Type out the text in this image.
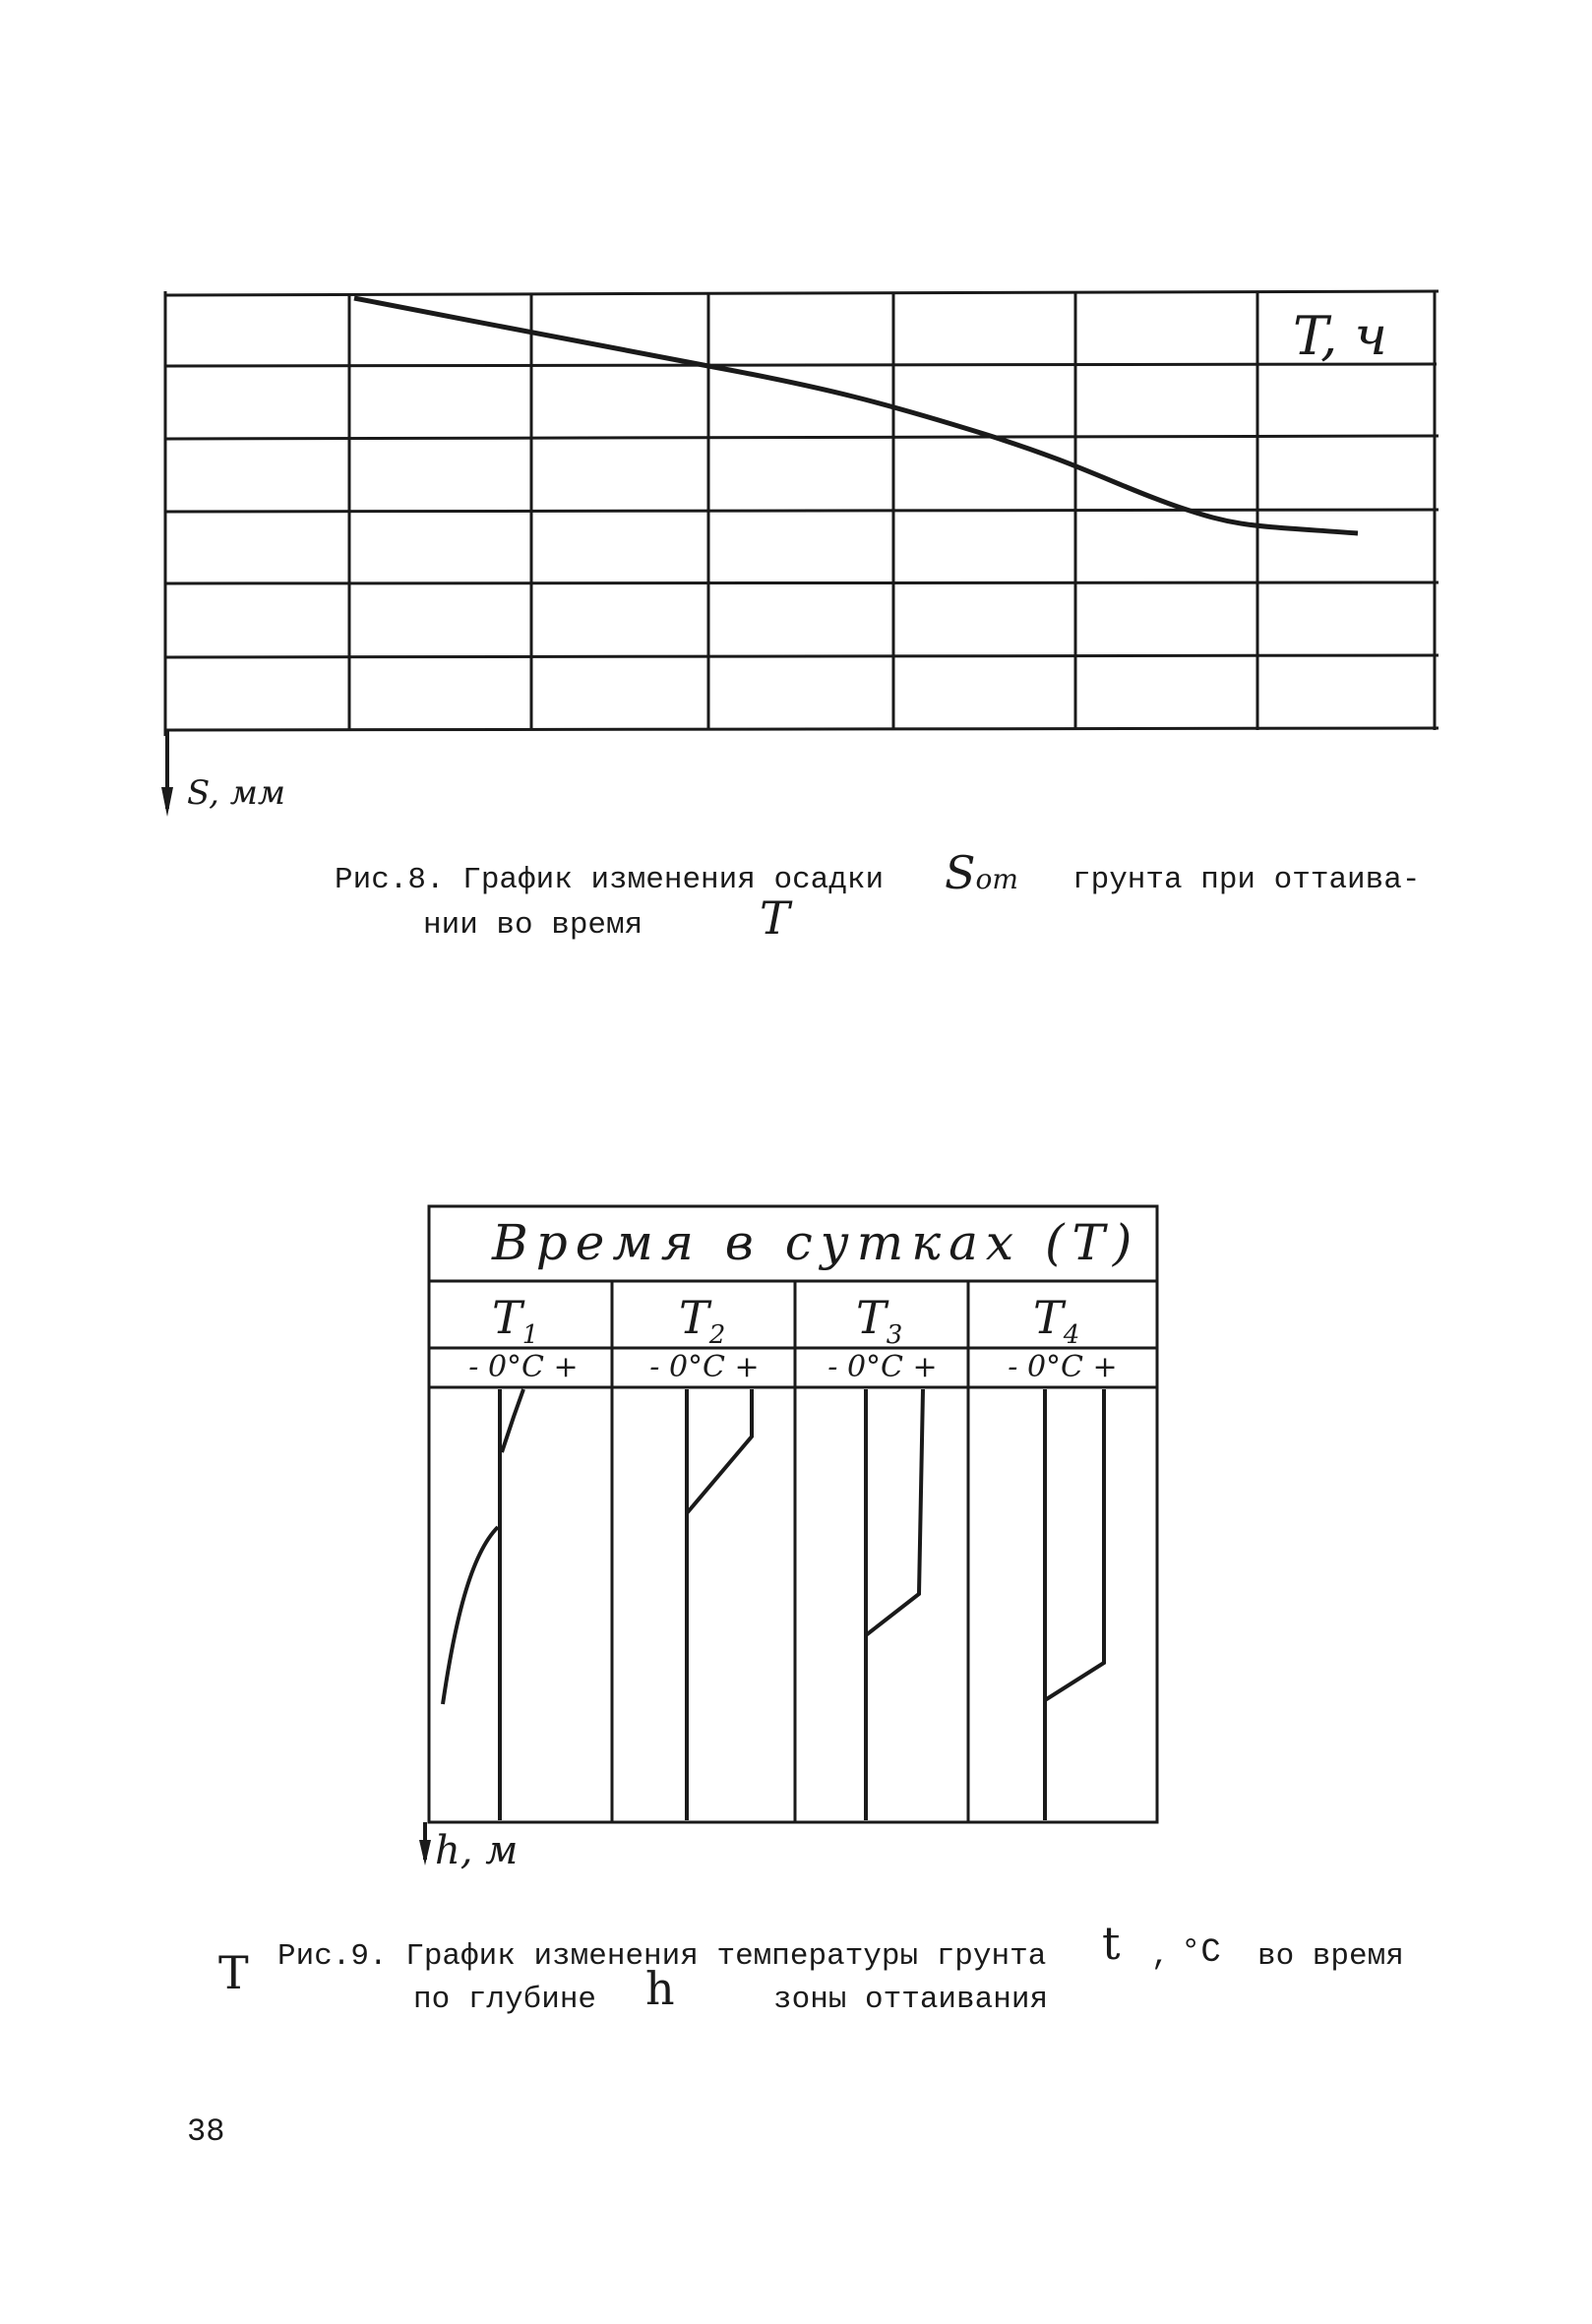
T, ч
S, мм
Рис.8. График изменения осадки Sот грунта при оттаива-
нии во время	T
Время в сутках (T)
$T_1$	$T_2$	$T_3$	$T_4$
- 0°C +	- 0°C +	- 0°C +	- 0°C +
h, м
Рис.9. График изменения температуры грунта t , °C во время
T
по глубине h	зоны оттаивания
38
